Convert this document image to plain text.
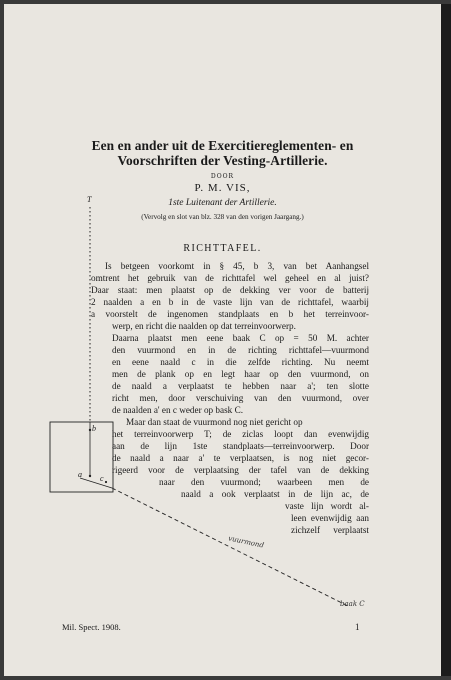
Een en ander uit de Exercitiereglementen- en

Voorschriften der Vesting-Artillerie.

DOOR

P. M. VIS,

1ste Luitenant der Artillerie.

(Vervolg en slot van blz. 328 van den vorigen Jaargang.)

RICHTTAFEL.

Is betgeen voorkomt in § 45, b 3, van bet Aanhangsel

omtrent het gebruik van de richttafel wel geheel en al juist?

Daar staat: men plaatst op de dekking ver voor de batterij

2 naalden a en b in de vaste lijn van de richttafel, waarbij

a voorstelt de ingenomen standplaats en b het terreinvoor-

werp, en richt die naalden op dat terreinvoorwerp.

Daarna plaatst men eene baak C op = 50 M. achter

den vuurmond en in de richting richttafel—vuurmond

en eene naald c in die zelfde richting. Nu neemt

men de plank op en legt haar op den vuurmond, on

de naald a verplaatst te hebben naar a'; ten slotte

richt men, door verschuiving van den vuurmond, over

de naalden a' en c weder op bask C.

Maar dan staat de vuurmond nog niet gericht op

het terreinvoorwerp T; de ziclas loopt dan evenwijdig

aan de lijn 1ste standplaats—terreinvoorwerp. Door

de naald a naar a' te verplaatsen, is nog niet gecor-

rigeerd voor de verplaatsing der tafel van de dekking

naar den vuurmond; waarbeen men de

naald a ook verplaatst in de lijn ac, de

vaste lijn wordt al-

leen evenwijdig aan

zichzelf verplaatst

T
b
a c
vuurmond
baak C
Mil. Spect. 1908.	1
